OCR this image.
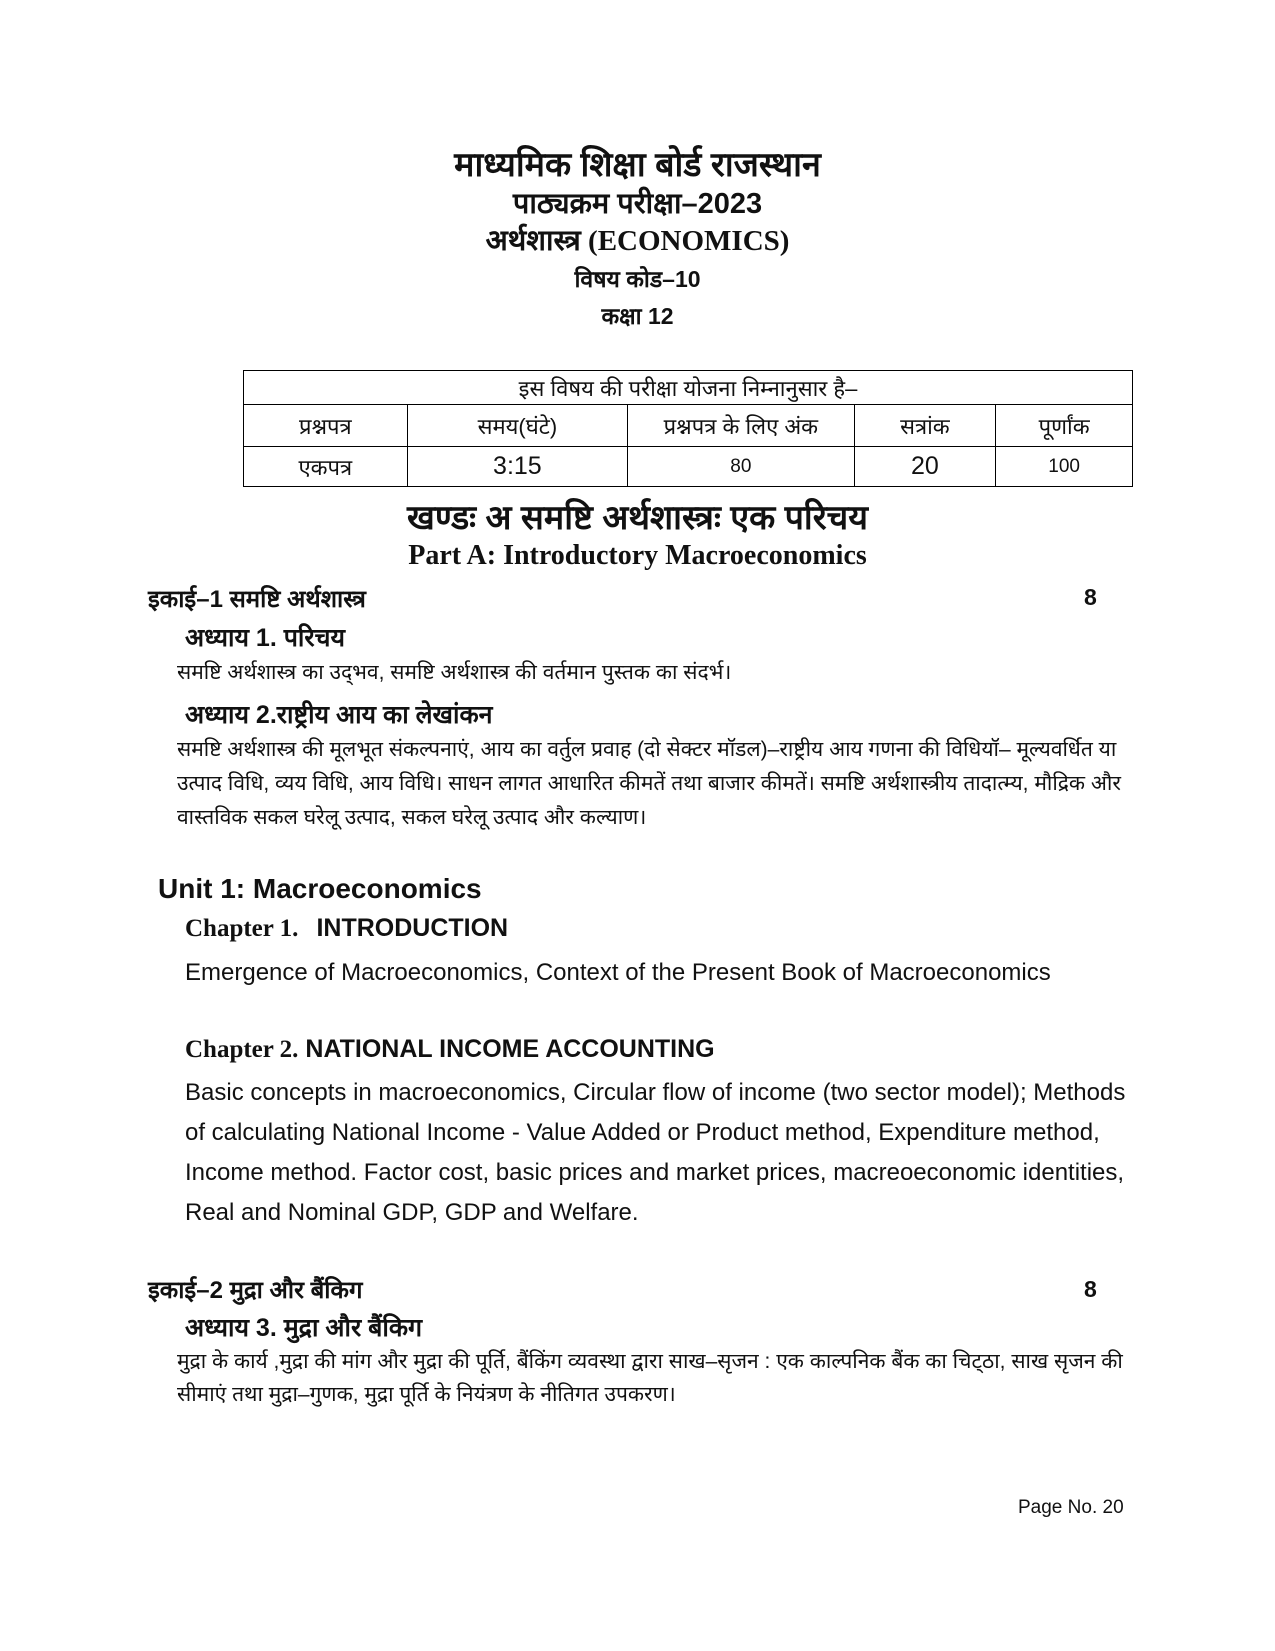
माध्यमिक शिक्षा बोर्ड राजस्थान
पाठ्यक्रम परीक्षा–2023
अर्थशास्त्र (ECONOMICS)
विषय कोड–10
कक्षा 12
इस विषय की परीक्षा योजना निम्नानुसार है–				
प्रश्नपत्र	समय(घंटे)	प्रश्नपत्र के लिए अंक	सत्रांक	पूर्णांक
एकपत्र	3:15	80	20	100
खण्डः अ समष्टि अर्थशास्त्रः एक परिचय
Part A: Introductory Macroeconomics
इकाई–1 समष्टि अर्थशास्त्र	8
अध्याय 1. परिचय
समष्टि अर्थशास्त्र का उद्‌भव, समष्टि अर्थशास्त्र की वर्तमान पुस्तक का संदर्भ।
अध्याय 2.राष्ट्रीय आय का लेखांकन
समष्टि अर्थशास्त्र की मूलभूत संकल्पनाएं, आय का वर्तुल प्रवाह (दो सेक्टर मॉडल)–राष्ट्रीय आय गणना की विधियॉ– मूल्यवर्धित या उत्पाद विधि, व्यय विधि, आय विधि। साधन लागत आधारित कीमतें तथा बाजार कीमतें। समष्टि अर्थशास्त्रीय तादात्म्य, मौद्रिक और वास्तविक सकल घरेलू उत्पाद, सकल घरेलू उत्पाद और कल्याण।
Unit 1: Macroeconomics
Chapter 1. INTRODUCTION
Emergence of Macroeconomics, Context of the Present Book of Macroeconomics
Chapter 2. NATIONAL INCOME ACCOUNTING
Basic concepts in macroeconomics, Circular flow of income (two sector model); Methods of calculating National Income - Value Added or Product method, Expenditure method, Income method. Factor cost, basic prices and market prices, macreoeconomic identities, Real and Nominal GDP, GDP and Welfare.
इकाई–2 मुद्रा और बैंकिग	8
अध्याय 3. मुद्रा और बैंकिग
मुद्रा के कार्य ,मुद्रा की मांग और मुद्रा की पूर्ति, बैंकिंग व्यवस्था द्वारा साख–सृजन : एक काल्पनिक बैंक का चिट्‌ठा, साख सृजन की सीमाएं तथा मुद्रा–गुणक, मुद्रा पूर्ति के नियंत्रण के नीतिगत उपकरण।
Page No. 20
